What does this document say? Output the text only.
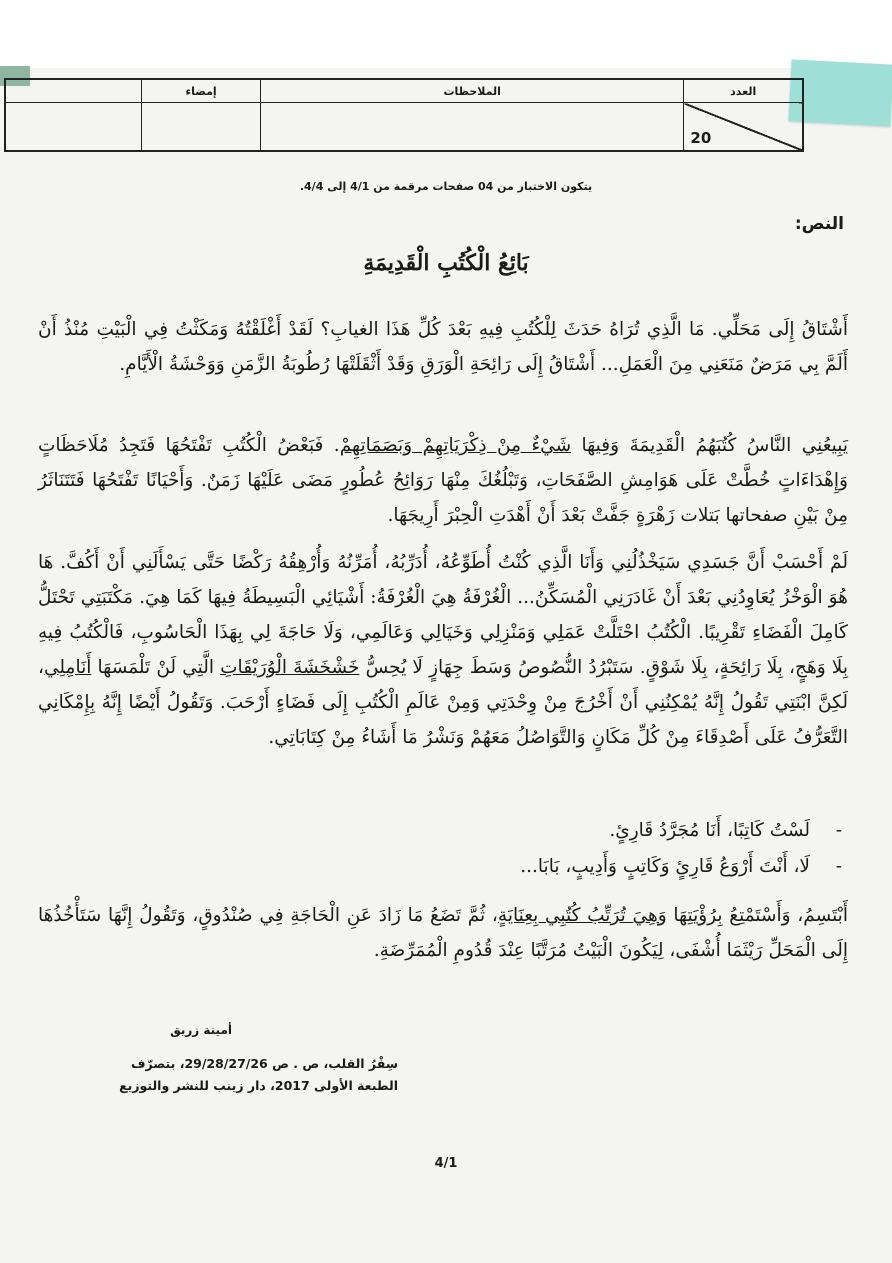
العدد	الملاحظات	إمضاء	

20			

يتكون الاختبار من 04 صفحات مرقمة من 4/1 إلى 4/4.
النص:
بَائِعُ الْكُتُبِ الْقَدِيمَةِ
أَشْتَاقُ إِلَى مَحَلِّي. مَا الَّذِي تُرَاهُ حَدَثَ لِلْكُتُبِ فِيهِ بَعْدَ كُلِّ هَذَا الغيابِ؟ لَقَدْ أَغْلَقْتُهُ وَمَكَثْتُ فِي الْبَيْتِ مُنْذُ أَنْ أَلَمَّ بِي مَرَضٌ مَنَعَنِي مِنَ الْعَمَلِ... أَشْتَاقُ إِلَى رَائِحَةِ الْوَرَقِ وَقَدْ أَثْقَلَتْهَا رُطُوبَةُ الزَّمَنِ وَوَحْشَةُ الْأَيَّامِ.
يَبِيعُنِي النَّاسُ كُتُبَهُمُ الْقَدِيمَةَ وَفِيهَا شَيْءٌ مِنْ ذِكْرَيَاتِهِمْ وَبَصَمَاتِهِمْ. فَبَعْضُ الْكُتُبِ تَفْتَحُهَا فَتَجِدُ مُلَاحَظَاتٍ وَإِهْدَاءَاتٍ خُطَّتْ عَلَى هَوَامِشِ الصَّفَحَاتِ، وَتَبْلُغُكَ مِنْهَا رَوَائِحُ عُطُورٍ مَضَى عَلَيْهَا زَمَنٌ. وَأَحْيَانًا تَفْتَحُهَا فَتَتَنَاثَرُ مِنْ بَيْنِ صفحاتها بَتلات زَهْرَةٍ جَفَّتْ بَعْدَ أَنْ أَهْدَتِ الْحِبْرَ أَرِيجَهَا.
لَمْ أَحْسَبْ أَنَّ جَسَدِي سَيَخْذُلُنِي وَأَنَا الَّذِي كُنْتُ أُطَوِّعُهُ، أُدَرِّبُهُ، أُمَرِّنُهُ وَأُرْهِقُهُ رَكْضًا حَتَّى يَسْأَلَنِي أَنْ أَكُفَّ. هَا هُوَ الْوَخْزُ يُعَاوِدُنِي بَعْدَ أَنْ غَادَرَنِي الْمُسَكِّنُ... الْغُرْفَةُ هِيَ الْغُرْفَةُ: أَشْيَائِي الْبَسِيطَةُ فِيهَا كَمَا هِيَ. مَكْتَبَتِي تَحْتَلُّ كَامِلَ الْفَضَاءِ تَقْرِيبًا. الْكُتُبُ احْتَلَّتْ عَمَلِي وَمَنْزِلِي وَخَيَالِي وَعَالَمِي، وَلَا حَاجَةَ لِي بِهَذَا الْحَاسُوبِ، فَالْكُتُبُ فِيهِ بِلَا وَهَجٍ، بِلَا رَائِحَةٍ، بِلَا شَوْقٍ. سَتَبْرُدُ النُّصُوصُ وَسَطَ جِهَازٍ لَا يُحِسُّ خَشْخَشَةَ الْوُرَيْقَاتِ الَّتِي لَنْ تَلْمَسَهَا أَنَامِلِي، لَكِنَّ ابْنَتِي تَقُولُ إِنَّهُ يُمْكِنُنِي أَنْ أَخْرُجَ مِنْ وِحْدَتِي وَمِنْ عَالَمِ الْكُتُبِ إِلَى فَضَاءٍ أَرْحَبَ. وَتَقُولُ أَيْضًا إِنَّهُ بِإِمْكَانِي التَّعَرُّفُ عَلَى أَصْدِقَاءَ مِنْ كُلِّ مَكَانٍ وَالتَّوَاصُلُ مَعَهُمْ وَنَشْرُ مَا أَشَاءُ مِنْ كِتَابَاتِي.
-لَسْتُ كَاتِبًا، أَنَا مُجَرَّدُ قَارِئٍ.
-لَا، أَنْتَ أَرْوَعُ قَارِئٍ وَكَاتِبٍ وَأَدِيبٍ، بَابَا...
أَبْتَسِمُ، وَأَسْتَمْتِعُ بِرُؤْيَتِهَا وَهِيَ تُرَتِّبُ كُتُبِي بِعِنَايَةٍ، ثُمَّ تَضَعُ مَا زَادَ عَنِ الْحَاجَةِ فِي صُنْدُوقٍ، وَتَقُولُ إِنَّهَا سَتَأْخُذُهَا إِلَى الْمَحَلِّ رَيْثَمَا أُشْفَى، لِيَكُونَ الْبَيْتُ مُرَتَّبًا عِنْدَ قُدُومِ الْمُمَرِّضَةِ.
أمينة زريق
سِفْرُ القلب، ص . ص 29/28/27/26، بتصرّف
الطبعة الأولى 2017، دار زينب للنشر والتوزيع
4/1
